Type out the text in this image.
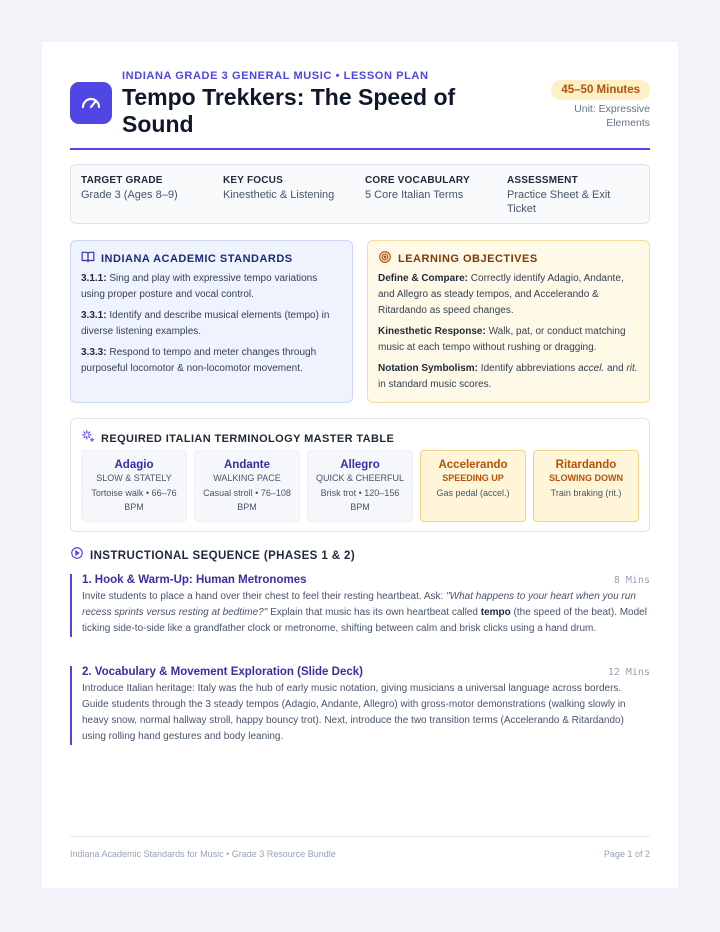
INDIANA GRADE 3 GENERAL MUSIC • LESSON PLAN
Tempo Trekkers: The Speed of Sound
45–50 Minutes
Unit: Expressive Elements
TARGET GRADE
Grade 3 (Ages 8–9)
KEY FOCUS
Kinesthetic & Listening
CORE VOCABULARY
5 Core Italian Terms
ASSESSMENT
Practice Sheet & Exit Ticket
INDIANA ACADEMIC STANDARDS
3.1.1: Sing and play with expressive tempo variations using proper posture and vocal control.
3.3.1: Identify and describe musical elements (tempo) in diverse listening examples.
3.3.3: Respond to tempo and meter changes through purposeful locomotor & non-locomotor movement.
LEARNING OBJECTIVES
Define & Compare: Correctly identify Adagio, Andante, and Allegro as steady tempos, and Accelerando & Ritardando as speed changes.
Kinesthetic Response: Walk, pat, or conduct matching music at each tempo without rushing or dragging.
Notation Symbolism: Identify abbreviations accel. and rit. in standard music scores.
REQUIRED ITALIAN TERMINOLOGY MASTER TABLE
Adagio
SLOW & STATELY
Tortoise walk • 66–76 BPM
Andante
WALKING PACE
Casual stroll • 76–108 BPM
Allegro
QUICK & CHEERFUL
Brisk trot • 120–156 BPM
Accelerando
SPEEDING UP
Gas pedal (accel.)
Ritardando
SLOWING DOWN
Train braking (rit.)
INSTRUCTIONAL SEQUENCE (PHASES 1 & 2)
1. Hook & Warm-Up: Human Metronomes	8 Mins
Invite students to place a hand over their chest to feel their resting heartbeat. Ask: "What happens to your heart when you run recess sprints versus resting at bedtime?" Explain that music has its own heartbeat called tempo (the speed of the beat). Model ticking side-to-side like a grandfather clock or metronome, shifting between calm and brisk clicks using a hand drum.
2. Vocabulary & Movement Exploration (Slide Deck)	12 Mins
Introduce Italian heritage: Italy was the hub of early music notation, giving musicians a universal language across borders. Guide students through the 3 steady tempos (Adagio, Andante, Allegro) with gross-motor demonstrations (walking slowly in heavy snow, normal hallway stroll, happy bouncy trot). Next, introduce the two transition terms (Accelerando & Ritardando) using rolling hand gestures and body leaning.
Indiana Academic Standards for Music • Grade 3 Resource Bundle	Page 1 of 2
